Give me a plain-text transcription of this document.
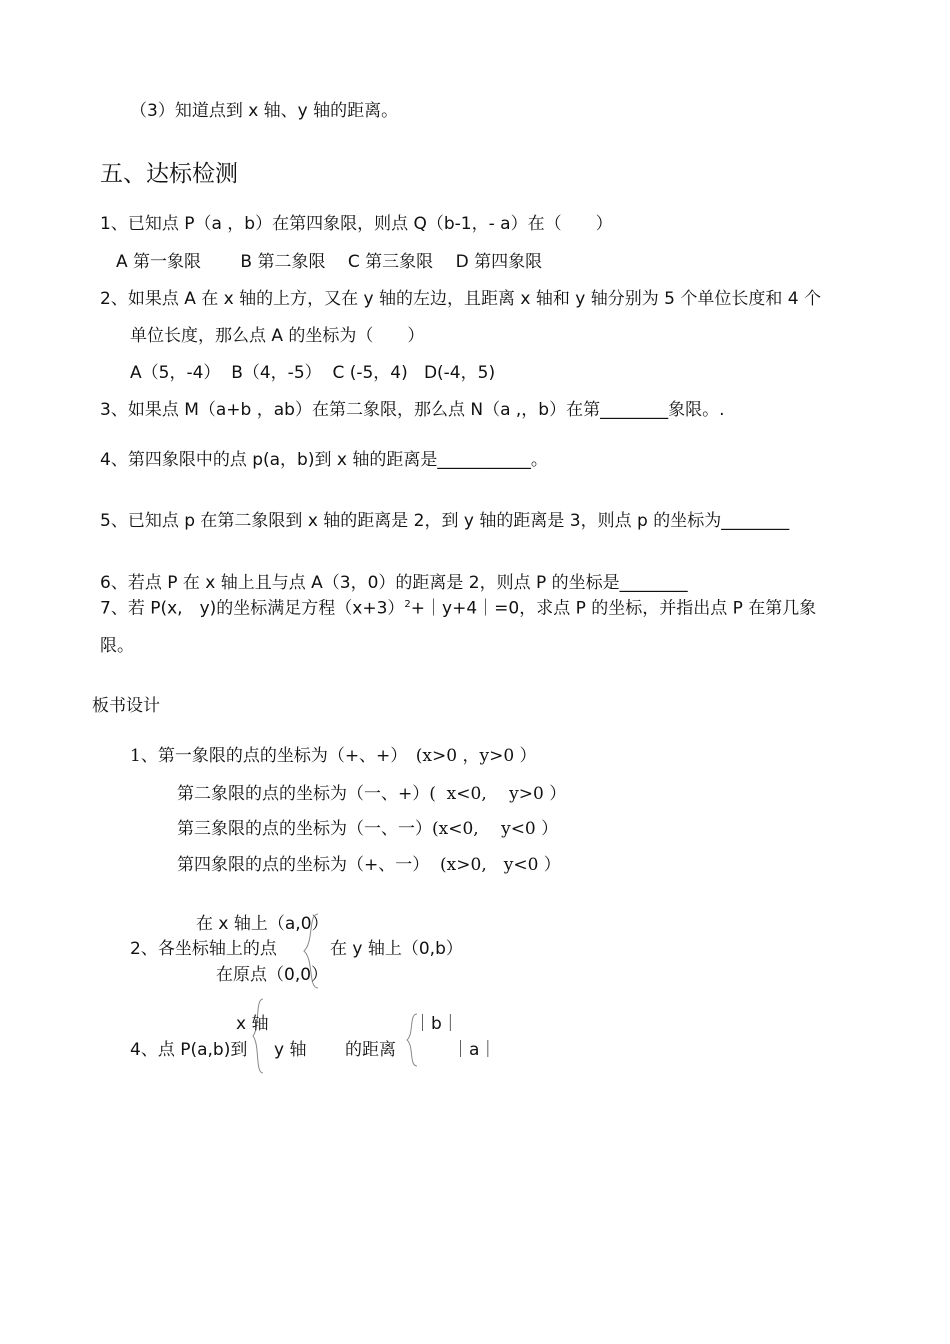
（3）知道点到 x 轴、y 轴的距离。
五、达标检测
1、已知点 P（a ，b）在第四象限，则点 Q（b-1，- a）在（　　）
A 第一象限　　 B 第二象限　 C 第三象限　 D 第四象限
2、如果点 A 在 x 轴的上方，又在 y 轴的左边，且距离 x 轴和 y 轴分别为 5 个单位长度和 4 个
单位长度，那么点 A 的坐标为（　　）
A（5，-4）  B（4，-5）  C (-5，4)   D(-4，5)
3、如果点 M（a+b ，ab）在第二象限，那么点 N（a ,，b）在第________象限。.
4、第四象限中的点 p(a，b)到 x 轴的距离是___________。
5、已知点 p 在第二象限到 x 轴的距离是 2，到 y 轴的距离是 3，则点 p 的坐标为________
6、若点 P 在 x 轴上且与点 A（3，0）的距离是 2，则点 P 的坐标是________
7、若 P(x,　y)的坐标满足方程$(x+3)^2+|y+4|=0$，求点 P 的坐标，并指出点 P 在第几象
限。
板书设计
1、第一象限的点的坐标为（+、+）　(x>0 ，y>0 ）
第二象限的点的坐标为（一、+）(  x<0,　 y>0 ）
第三象限的点的坐标为（一、一）(x<0,　 y<0 ）
第四象限的点的坐标为（+、一）  (x>0,　y<0 ）
在 x 轴上（a,0）
2、各坐标轴上的点	在 y 轴上（0,b）
在原点（0,0）
x 轴
4、点 P(a,b)到 y 轴 的距离
｜b｜
｜a｜
